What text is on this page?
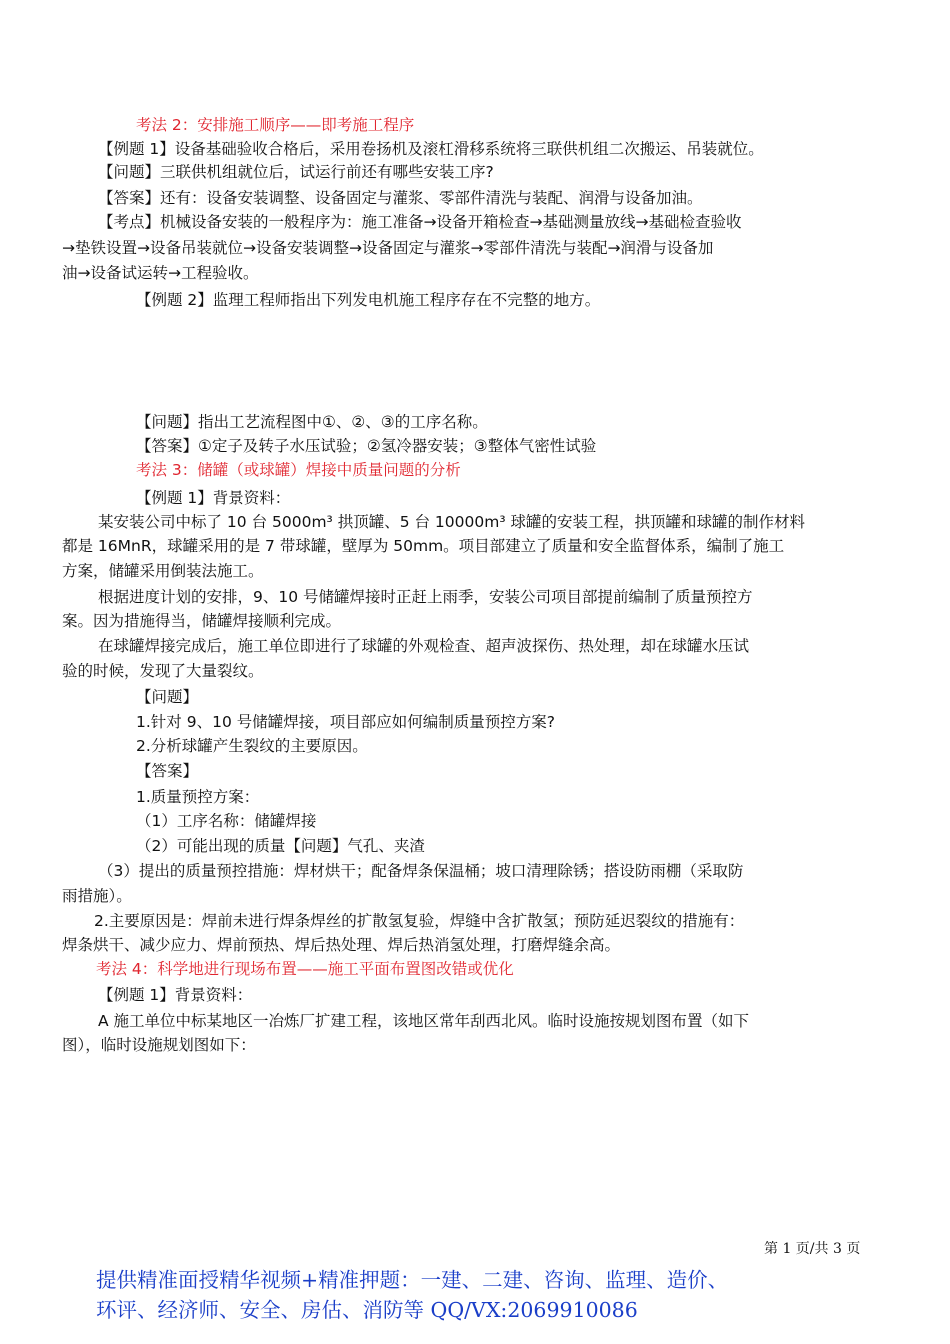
考法 2：安排施工顺序——即考施工程序

【例题 1】设备基础验收合格后，采用卷扬机及滚杠滑移系统将三联供机组二次搬运、吊装就位。

【问题】三联供机组就位后，试运行前还有哪些安装工序?

【答案】还有：设备安装调整、设备固定与灌浆、零部件清洗与装配、润滑与设备加油。

【考点】机械设备安装的一般程序为：施工准备→设备开箱检查→基础测量放线→基础检查验收

→垫铁设置→设备吊装就位→设备安装调整→设备固定与灌浆→零部件清洗与装配→润滑与设备加

油→设备试运转→工程验收。

【例题 2】监理工程师指出下列发电机施工程序存在不完整的地方。

【问题】指出工艺流程图中①、②、③的工序名称。

【答案】①定子及转子水压试验；②氢冷器安装；③整体气密性试验

考法 3：储罐（或球罐）焊接中质量问题的分析

【例题 1】背景资料：

某安装公司中标了 10 台 5000m³ 拱顶罐、5 台 10000m³ 球罐的安装工程，拱顶罐和球罐的制作材料

都是 16MnR，球罐采用的是 7 带球罐，壁厚为 50mm。项目部建立了质量和安全监督体系，编制了施工

方案，储罐采用倒装法施工。

根据进度计划的安排，9、10 号储罐焊接时正赶上雨季，安装公司项目部提前编制了质量预控方

案。因为措施得当，储罐焊接顺利完成。

在球罐焊接完成后，施工单位即进行了球罐的外观检查、超声波探伤、热处理，却在球罐水压试

验的时候，发现了大量裂纹。

【问题】

1.针对 9、10 号储罐焊接，项目部应如何编制质量预控方案?

2.分析球罐产生裂纹的主要原因。

【答案】

1.质量预控方案：

（1）工序名称：储罐焊接

（2）可能出现的质量【问题】气孔、夹渣

（3）提出的质量预控措施：焊材烘干；配备焊条保温桶；坡口清理除锈；搭设防雨棚（采取防

雨措施）。

2.主要原因是：焊前未进行焊条焊丝的扩散氢复验，焊缝中含扩散氢；预防延迟裂纹的措施有：

焊条烘干、减少应力、焊前预热、焊后热处理、焊后热消氢处理，打磨焊缝余高。

考法 4：科学地进行现场布置——施工平面布置图改错或优化

【例题 1】背景资料：

A 施工单位中标某地区一冶炼厂扩建工程，该地区常年刮西北风。临时设施按规划图布置（如下

图），临时设施规划图如下：

第 1 页/共 3 页
提供精准面授精华视频+精准押题：一建、二建、咨询、监理、造价、
环评、经济师、安全、房估、消防等 QQ/VX:2069910086
